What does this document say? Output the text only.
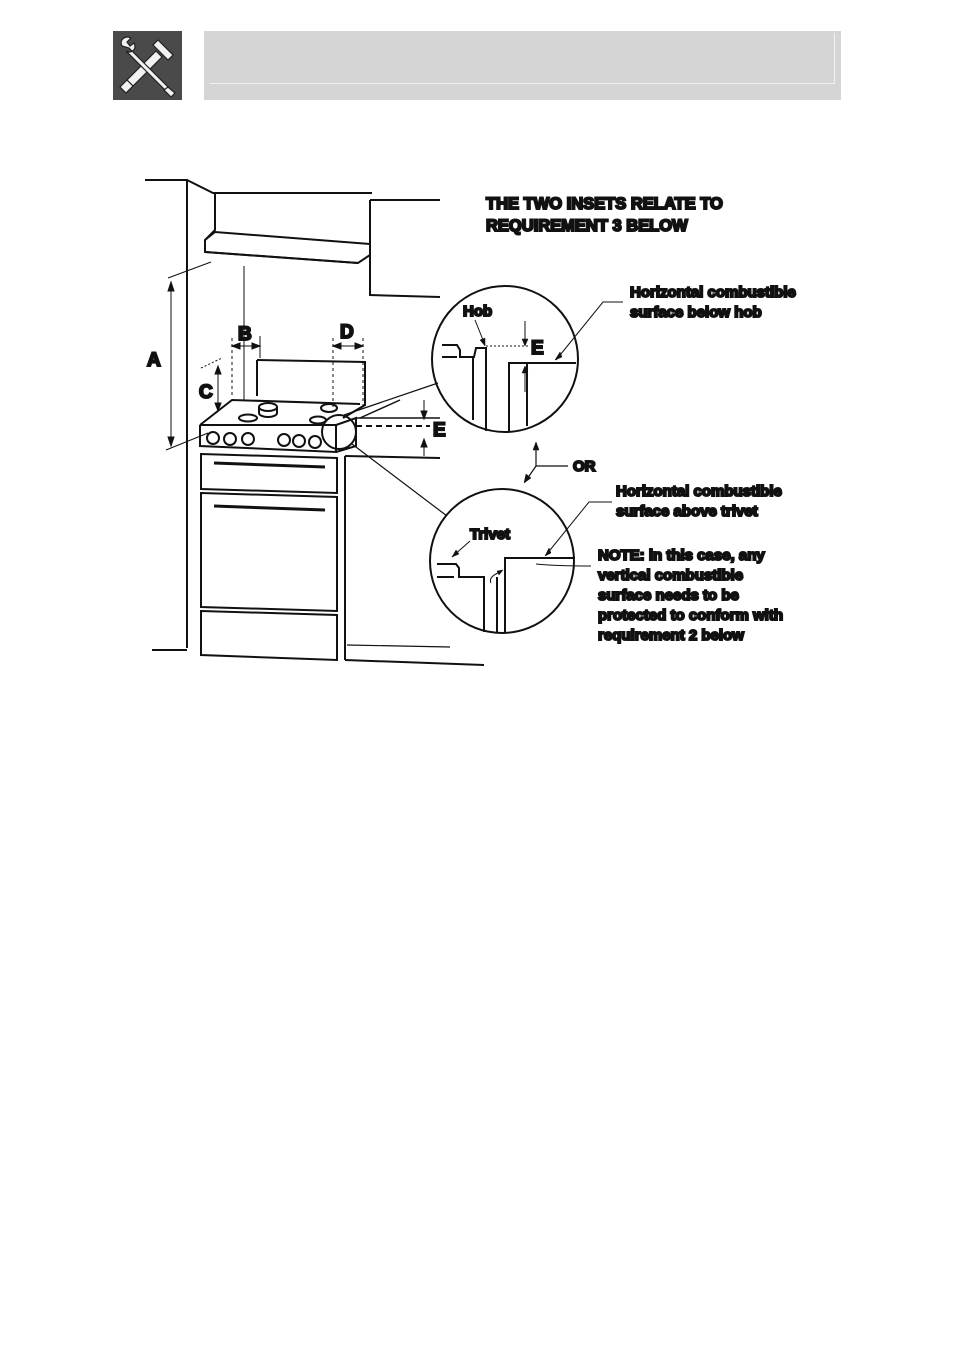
THE TWO INSETS RELATE TO
REQUIREMENT 3 BELOW
A
B
C
D
E
E
Hob
Trivet
OR
Horizontal combustible
surface below hob
Horizontal combustible
surface above trivet
NOTE: in this case, any
vertical combustible
surface needs to be
protected to conform with
requirement 2 below
